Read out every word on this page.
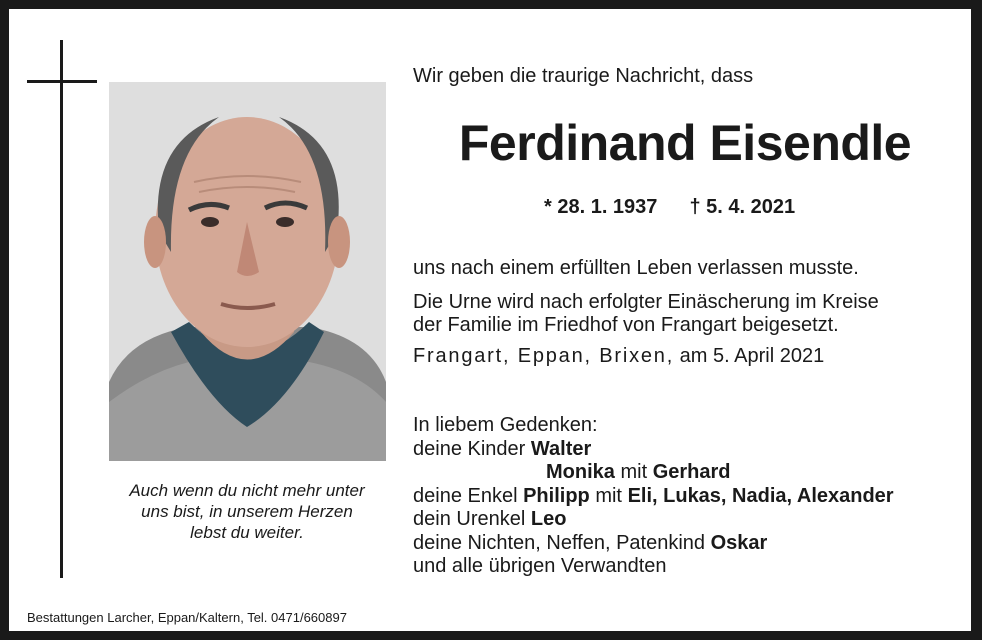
Auch wenn du nicht mehr unter
uns bist, in unserem Herzen
lebst du weiter.
Wir geben die traurige Nachricht, dass
Ferdinand Eisendle
* 28. 1. 1937 † 5. 4. 2021
uns nach einem erfüllten Leben verlassen musste.
Die Urne wird nach erfolgter Einäscherung im Kreise
der Familie im Friedhof von Frangart beigesetzt.
Frangart, Eppan, Brixen, am 5. April 2021
In liebem Gedenken:
deine Kinder Walter
Monika mit Gerhard
deine Enkel Philipp mit Eli, Lukas, Nadia, Alexander
dein Urenkel Leo
deine Nichten, Neffen, Patenkind Oskar
und alle übrigen Verwandten
Bestattungen Larcher, Eppan/Kaltern, Tel. 0471/660897
